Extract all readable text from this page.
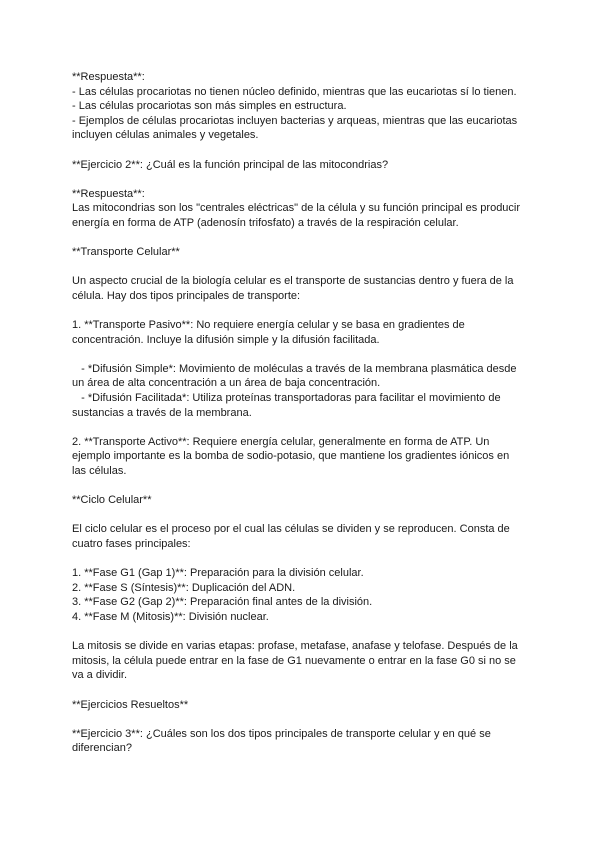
**Respuesta**:
- Las células procariotas no tienen núcleo definido, mientras que las eucariotas sí lo tienen.
- Las células procariotas son más simples en estructura.
- Ejemplos de células procariotas incluyen bacterias y arqueas, mientras que las eucariotas
incluyen células animales y vegetales.
**Ejercicio 2**: ¿Cuál es la función principal de las mitocondrias?
**Respuesta**:
Las mitocondrias son los "centrales eléctricas" de la célula y su función principal es producir
energía en forma de ATP (adenosín trifosfato) a través de la respiración celular.
**Transporte Celular**
Un aspecto crucial de la biología celular es el transporte de sustancias dentro y fuera de la
célula. Hay dos tipos principales de transporte:
1. **Transporte Pasivo**: No requiere energía celular y se basa en gradientes de
concentración. Incluye la difusión simple y la difusión facilitada.
- *Difusión Simple*: Movimiento de moléculas a través de la membrana plasmática desde
un área de alta concentración a un área de baja concentración.
- *Difusión Facilitada*: Utiliza proteínas transportadoras para facilitar el movimiento de
sustancias a través de la membrana.
2. **Transporte Activo**: Requiere energía celular, generalmente en forma de ATP. Un
ejemplo importante es la bomba de sodio-potasio, que mantiene los gradientes iónicos en
las células.
**Ciclo Celular**
El ciclo celular es el proceso por el cual las células se dividen y se reproducen. Consta de
cuatro fases principales:
1. **Fase G1 (Gap 1)**: Preparación para la división celular.
2. **Fase S (Síntesis)**: Duplicación del ADN.
3. **Fase G2 (Gap 2)**: Preparación final antes de la división.
4. **Fase M (Mitosis)**: División nuclear.
La mitosis se divide en varias etapas: profase, metafase, anafase y telofase. Después de la
mitosis, la célula puede entrar en la fase de G1 nuevamente o entrar en la fase G0 si no se
va a dividir.
**Ejercicios Resueltos**
**Ejercicio 3**: ¿Cuáles son los dos tipos principales de transporte celular y en qué se
diferencian?
